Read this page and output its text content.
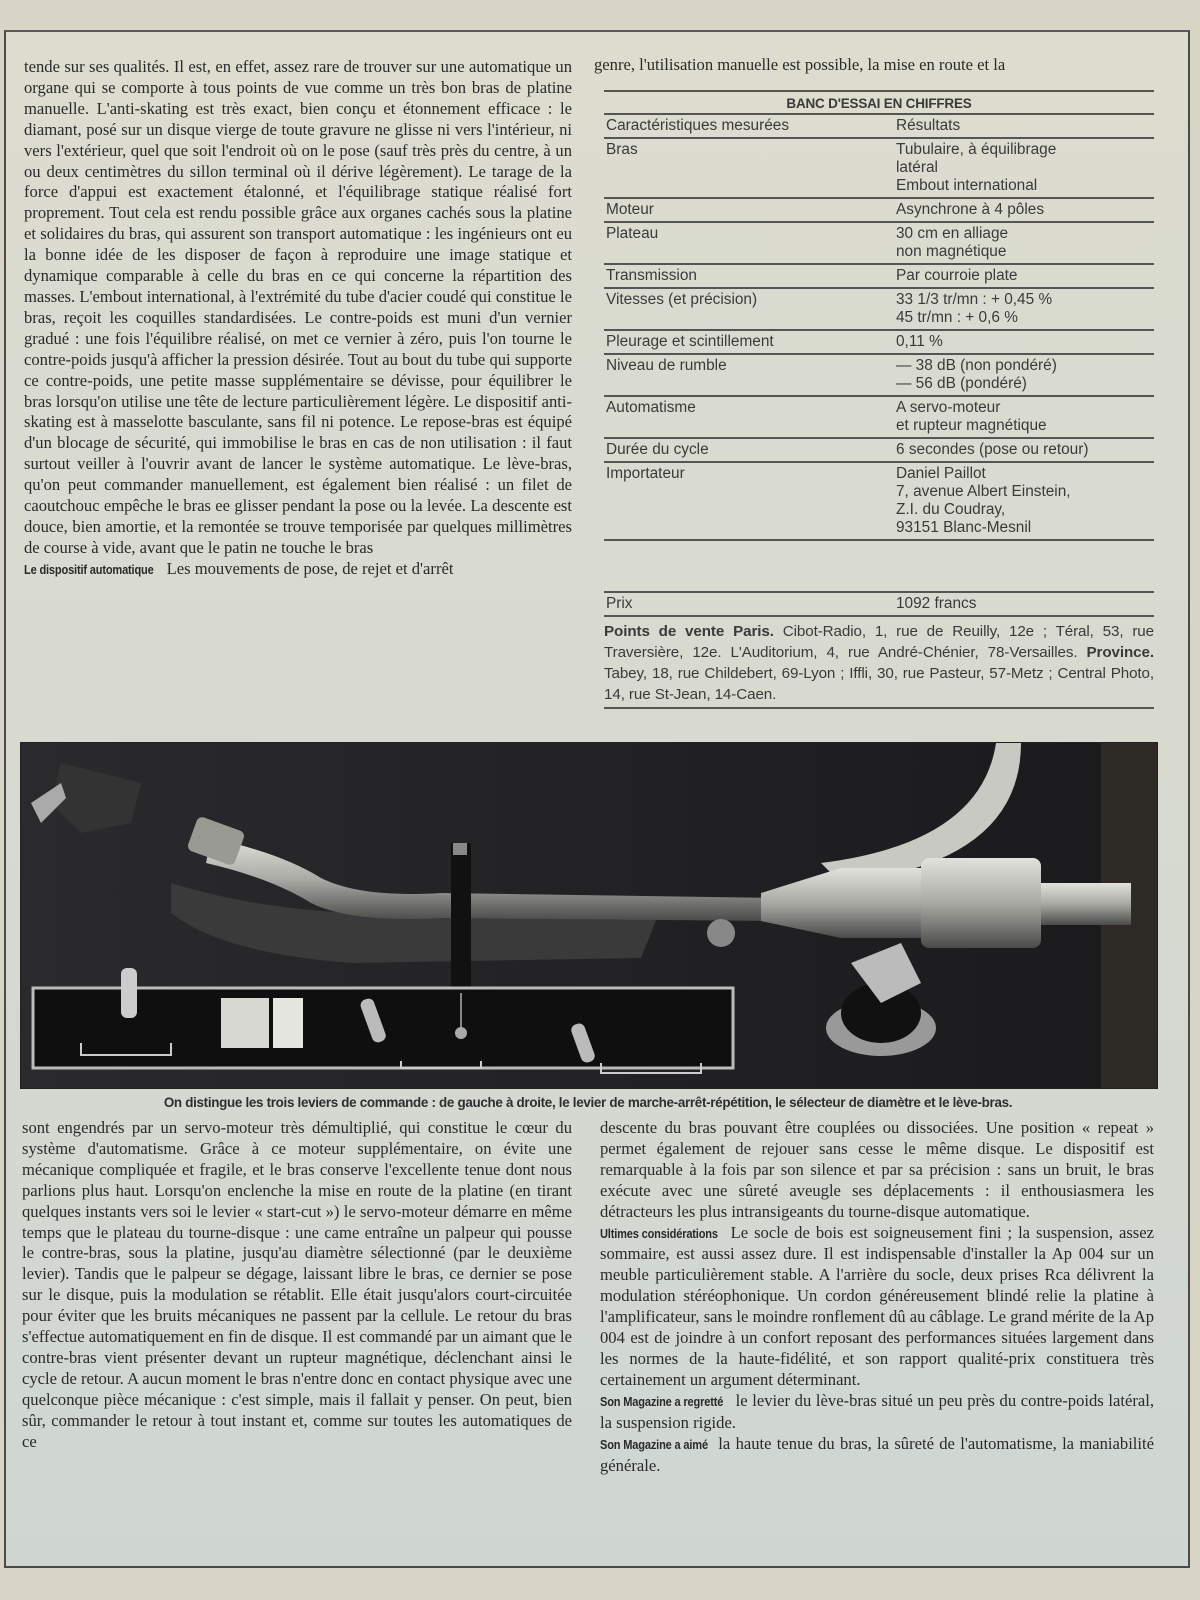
tende sur ses qualités. Il est, en effet, assez rare de trouver sur une automatique un organe qui se comporte à tous points de vue comme un très bon bras de platine manuelle. L'anti-skating est très exact, bien conçu et étonnement efficace : le diamant, posé sur un disque vierge de toute gravure ne glisse ni vers l'intérieur, ni vers l'extérieur, quel que soit l'endroit où on le pose (sauf très près du centre, à un ou deux centimètres du sillon terminal où il dérive légèrement). Le tarage de la force d'appui est exactement étalonné, et l'équilibrage statique réalisé fort proprement. Tout cela est rendu possible grâce aux organes cachés sous la platine et solidaires du bras, qui assurent son transport automatique : les ingénieurs ont eu la bonne idée de les disposer de façon à reproduire une image statique et dynamique comparable à celle du bras en ce qui concerne la répartition des masses. L'embout international, à l'extrémité du tube d'acier coudé qui constitue le bras, reçoit les coquilles standardisées. Le contre-poids est muni d'un vernier gradué : une fois l'équilibre réalisé, on met ce vernier à zéro, puis l'on tourne le contre-poids jusqu'à afficher la pression désirée. Tout au bout du tube qui supporte ce contre-poids, une petite masse supplémentaire se dévisse, pour équilibrer le bras lorsqu'on utilise une tête de lecture particulièrement légère. Le dispositif anti-skating est à masselotte basculante, sans fil ni potence. Le repose-bras est équipé d'un blocage de sécurité, qui immobilise le bras en cas de non utilisation : il faut surtout veiller à l'ouvrir avant de lancer le système automatique. Le lève-bras, qu'on peut commander manuellement, est également bien réalisé : un filet de caoutchouc empêche le bras ee glisser pendant la pose ou la levée. La descente est douce, bien amortie, et la remontée se trouve temporisée par quelques millimètres de course à vide, avant que le patin ne touche le bras

Le dispositif automatique Les mouvements de pose, de rejet et d'arrêt

genre, l'utilisation manuelle est possible, la mise en route et la

BANC D'ESSAI EN CHIFFRES
Caractéristiques mesurées	Résultats
Bras	Tubulaire, à équilibrage
latéral
Embout international
Moteur	Asynchrone à 4 pôles
Plateau	30 cm en alliage
non magnétique
Transmission	Par courroie plate
Vitesses (et précision)	33 1/3 tr/mn : + 0,45 %
45 tr/mn : + 0,6 %
Pleurage et scintillement	0,11 %
Niveau de rumble	— 38 dB (non pondéré)
— 56 dB (pondéré)
Automatisme	A servo-moteur
et rupteur magnétique
Durée du cycle	6 secondes (pose ou retour)
Importateur	Daniel Paillot
7, avenue Albert Einstein,
Z.I. du Coudray,
93151 Blanc-Mesnil
Prix	1092 francs
Points de vente Paris. Cibot-Radio, 1, rue de Reuilly, 12e ; Téral, 53, rue Traversière, 12e. L'Auditorium, 4, rue André-Chénier, 78-Versailles. Province. Tabey, 18, rue Childebert, 69-Lyon ; Iffli, 30, rue Pasteur, 57-Metz ; Central Photo, 14, rue St-Jean, 14-Caen.
On distingue les trois leviers de commande : de gauche à droite, le levier de marche-arrêt-répétition, le sélecteur de diamètre et le lève-bras.

sont engendrés par un servo-moteur très démultiplié, qui constitue le cœur du système d'automatisme. Grâce à ce moteur supplémentaire, on évite une mécanique compliquée et fragile, et le bras conserve l'excellente tenue dont nous parlions plus haut. Lorsqu'on enclenche la mise en route de la platine (en tirant quelques instants vers soi le levier « start-cut ») le servo-moteur démarre en même temps que le plateau du tourne-disque : une came entraîne un palpeur qui pousse le contre-bras, sous la platine, jusqu'au diamètre sélectionné (par le deuxième levier). Tandis que le palpeur se dégage, laissant libre le bras, ce dernier se pose sur le disque, puis la modulation se rétablit. Elle était jusqu'alors court-circuitée pour éviter que les bruits mécaniques ne passent par la cellule. Le retour du bras s'effectue automatiquement en fin de disque. Il est commandé par un aimant que le contre-bras vient présenter devant un rupteur magnétique, déclenchant ainsi le cycle de retour. A aucun moment le bras n'entre donc en contact physique avec une quelconque pièce mécanique : c'est simple, mais il fallait y penser. On peut, bien sûr, commander le retour à tout instant et, comme sur toutes les automatiques de ce

descente du bras pouvant être couplées ou dissociées. Une position « repeat » permet également de rejouer sans cesse le même disque. Le dispositif est remarquable à la fois par son silence et par sa précision : sans un bruit, le bras exécute avec une sûreté aveugle ses déplacements : il enthousiasmera les détracteurs les plus intransigeants du tourne-disque automatique.

Ultimes considérations Le socle de bois est soigneusement fini ; la suspension, assez sommaire, est aussi assez dure. Il est indispensable d'installer la Ap 004 sur un meuble particulièrement stable. A l'arrière du socle, deux prises Rca délivrent la modulation stéréophonique. Un cordon généreusement blindé relie la platine à l'amplificateur, sans le moindre ronflement dû au câblage. Le grand mérite de la Ap 004 est de joindre à un confort reposant des performances situées largement dans les normes de la haute-fidélité, et son rapport qualité-prix constituera très certainement un argument déterminant.

Son Magazine a regretté le levier du lève-bras situé un peu près du contre-poids latéral, la suspension rigide.

Son Magazine a aimé la haute tenue du bras, la sûreté de l'automatisme, la maniabilité générale.
